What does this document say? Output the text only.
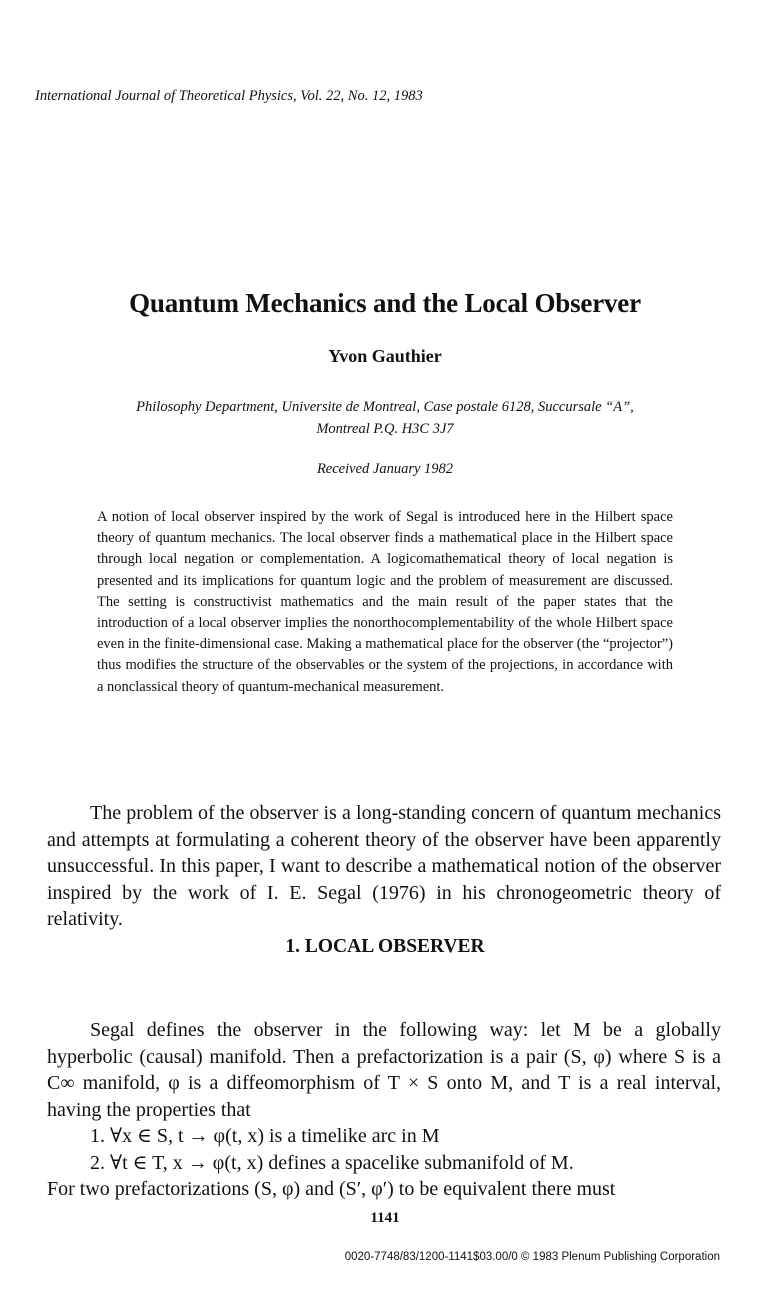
International Journal of Theoretical Physics, Vol. 22, No. 12, 1983
Quantum Mechanics and the Local Observer
Yvon Gauthier
Philosophy Department, Universite de Montreal, Case postale 6128, Succursale “A”,
Montreal P.Q. H3C 3J7
Received January 1982
A notion of local observer inspired by the work of Segal is introduced here in the Hilbert space theory of quantum mechanics. The local observer finds a mathematical place in the Hilbert space through local negation or complementation. A logicomathematical theory of local negation is presented and its implications for quantum logic and the problem of measurement are discussed. The setting is constructivist mathematics and the main result of the paper states that the introduction of a local observer implies the nonorthocomplementability of the whole Hilbert space even in the finite-dimensional case. Making a mathematical place for the observer (the “projector”) thus modifies the structure of the observables or the system of the projections, in accordance with a nonclassical theory of quantum-mechanical measurement.

The problem of the observer is a long-standing concern of quantum mechanics and attempts at formulating a coherent theory of the observer have been apparently unsuccessful. In this paper, I want to describe a mathematical notion of the observer inspired by the work of I. E. Segal (1976) in his chronogeometric theory of relativity.

1. LOCAL OBSERVER

Segal defines the observer in the following way: let M be a globally hyperbolic (causal) manifold. Then a prefactorization is a pair (S, φ) where S is a C∞ manifold, φ is a diffeomorphism of T × S onto M, and T is a real interval, having the properties that

1. ∀x ∈ S, t → φ(t, x) is a timelike arc in M

2. ∀t ∈ T, x → φ(t, x) defines a spacelike submanifold of M.

For two prefactorizations (S, φ) and (S′, φ′) to be equivalent there must

1141
0020-7748/83/1200-1141$03.00/0 © 1983 Plenum Publishing Corporation
